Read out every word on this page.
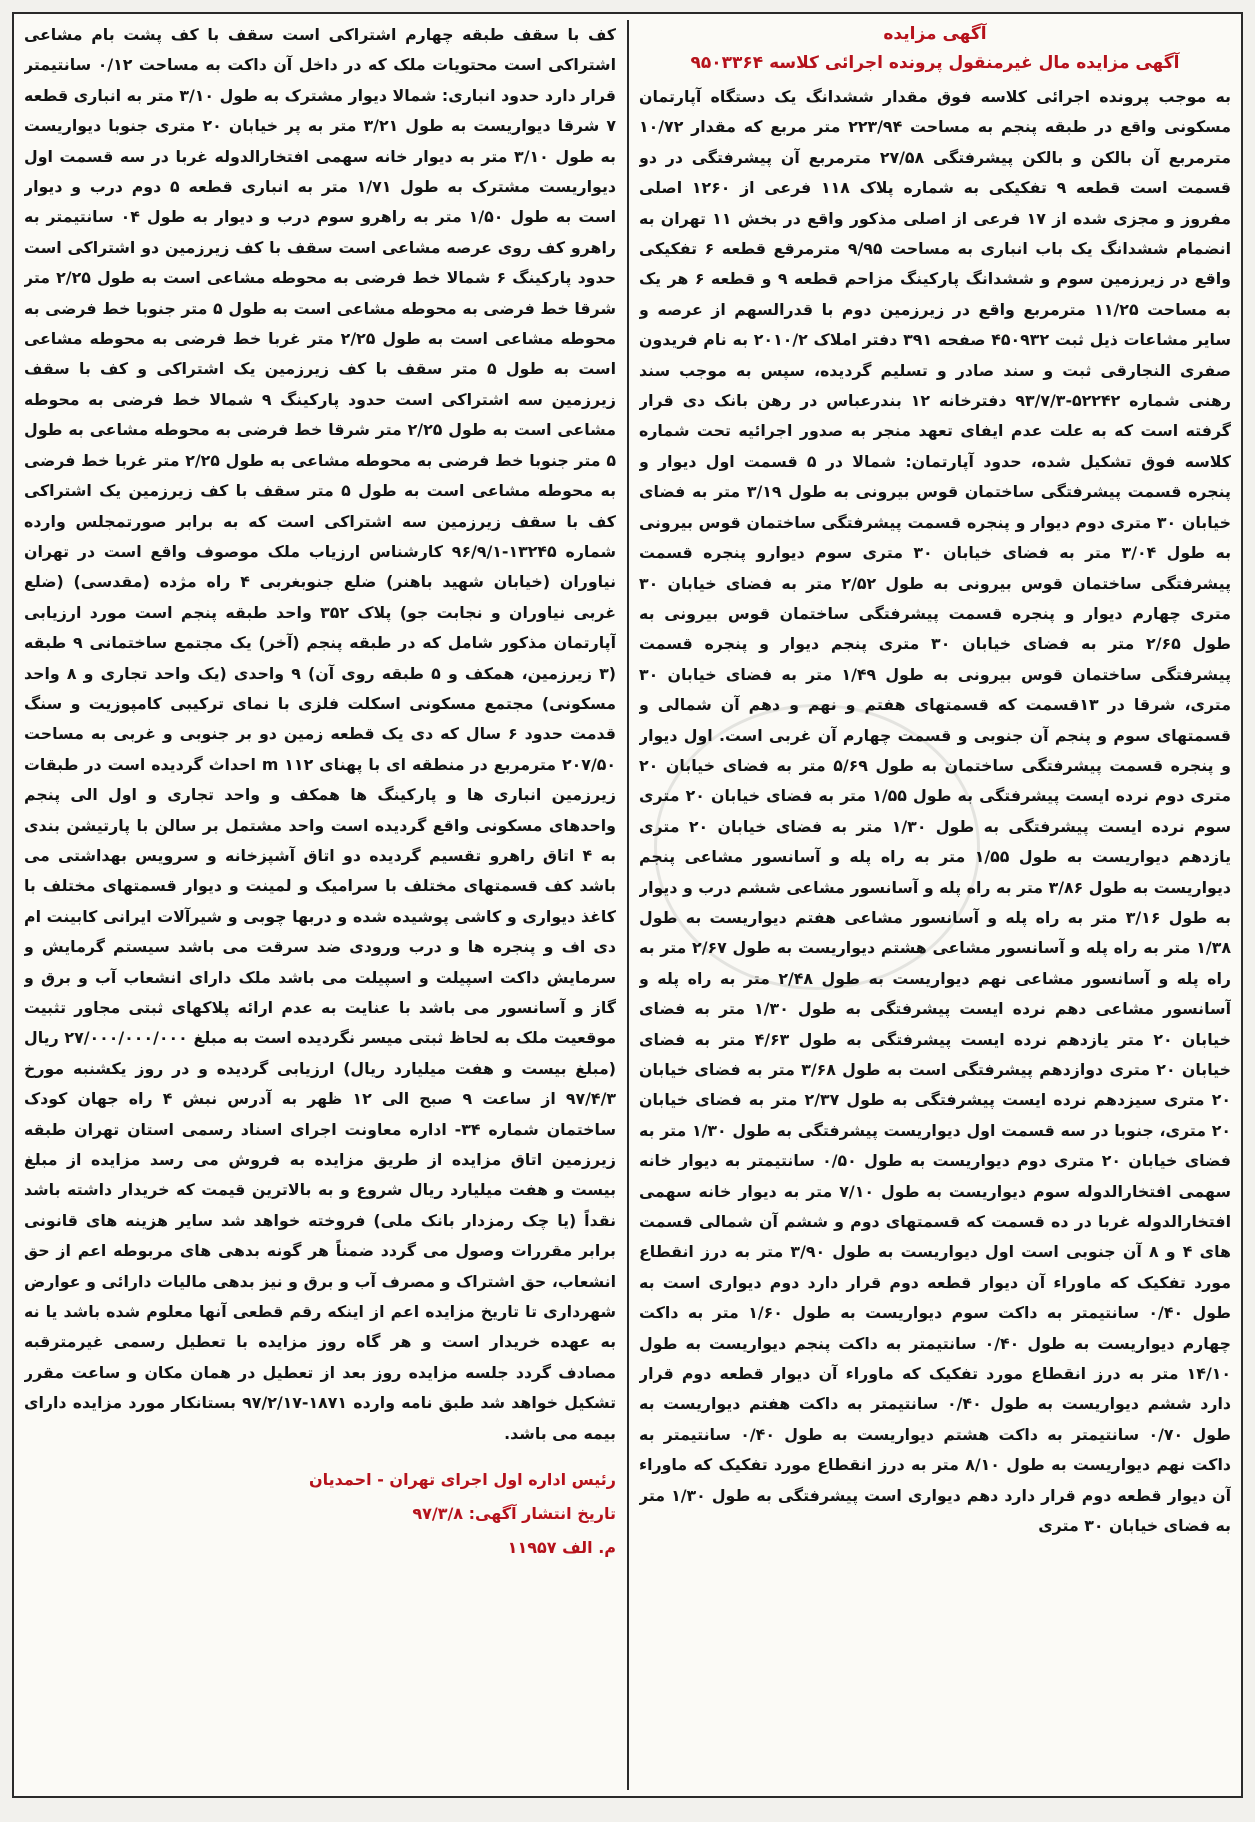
آگهی مزایده
آگهی مزایده مال غیرمنقول پرونده اجرائی کلاسه ۹۵۰۳۳۶۴

به موجب پرونده اجرائی کلاسه فوق مقدار ششدانگ یک دستگاه آپارتمان مسکونی واقع در طبقه پنجم به مساحت ۲۲۳/۹۴ متر مربع که مقدار ۱۰/۷۲ مترمربع آن بالکن و بالکن پیشرفتگی ۲۷/۵۸ مترمربع آن پیشرفتگی در دو قسمت است قطعه ۹ تفکیکی به شماره پلاک ۱۱۸ فرعی از ۱۲۶۰ اصلی مفروز و مجزی شده از ۱۷ فرعی از اصلی مذکور واقع در بخش ۱۱ تهران به انضمام ششدانگ یک باب انباری به مساحت ۹/۹۵ مترمرقع قطعه ۶ تفکیکی واقع در زیرزمین سوم و ششدانگ پارکینگ مزاحم قطعه ۹ و قطعه ۶ هر یک به مساحت ۱۱/۲۵ مترمربع واقع در زیرزمین دوم با قدرالسهم از عرصه و سایر مشاعات ذیل ثبت ۴۵۰۹۳۲ صفحه ۳۹۱ دفتر املاک ۲۰۱۰/۲ به نام فریدون صفری النجارقی ثبت و سند صادر و تسلیم گردیده، سپس به موجب سند رهنی شماره ۵۲۲۴۲-۹۳/۷/۳ دفترخانه ۱۲ بندرعباس در رهن بانک دی قرار گرفته است که به علت عدم ایفای تعهد منجر به صدور اجرائیه تحت شماره کلاسه فوق تشکیل شده، حدود آپارتمان: شمالا در ۵ قسمت اول دیوار و پنجره قسمت پیشرفتگی ساختمان قوس بیرونی به طول ۳/۱۹ متر به فضای خیابان ۳۰ متری دوم دیوار و پنجره قسمت پیشرفتگی ساختمان قوس بیرونی به طول ۳/۰۴ متر به فضای خیابان ۳۰ متری سوم دیوارو پنجره قسمت پیشرفتگی ساختمان قوس بیرونی به طول ۲/۵۲ متر به فضای خیابان ۳۰ متری چهارم دیوار و پنجره قسمت پیشرفتگی ساختمان قوس بیرونی به طول ۲/۶۵ متر به فضای خیابان ۳۰ متری پنجم دیوار و پنجره قسمت پیشرفتگی ساختمان قوس بیرونی به طول ۱/۴۹ متر به فضای خیابان ۳۰ متری، شرقا در ۱۳قسمت که قسمتهای هفتم و نهم و دهم آن شمالی و قسمتهای سوم و پنجم آن جنوبی و قسمت چهارم آن غربی است. اول دیوار و پنجره قسمت پیشرفتگی ساختمان به طول ۵/۶۹ متر به فضای خیابان ۲۰ متری دوم نرده ایست پیشرفتگی به طول ۱/۵۵ متر به فضای خیابان ۲۰ متری سوم نرده ایست پیشرفتگی به طول ۱/۳۰ متر به فضای خیابان ۲۰ متری یازدهم دیواریست به طول ۱/۵۵ متر به راه پله و آسانسور مشاعی پنجم دیواریست به طول ۳/۸۶ متر به راه پله و آسانسور مشاعی ششم درب و دیوار به طول ۳/۱۶ متر به راه پله و آسانسور مشاعی هفتم دیواریست به طول ۱/۳۸ متر به راه پله و آسانسور مشاعی هشتم دیواریست به طول ۲/۶۷ متر به راه پله و آسانسور مشاعی نهم دیواریست به طول ۲/۴۸ متر به راه پله و آسانسور مشاعی دهم نرده ایست پیشرفتگی به طول ۱/۳۰ متر به فضای خیابان ۲۰ متر یازدهم نرده ایست پیشرفتگی به طول ۴/۶۳ متر به فضای خیابان ۲۰ متری دوازدهم پیشرفتگی است به طول ۳/۶۸ متر به فضای خیابان ۲۰ متری سیزدهم نرده ایست پیشرفتگی به طول ۲/۳۷ متر به فضای خیابان ۲۰ متری، جنوبا در سه قسمت اول دیواریست پیشرفتگی به طول ۱/۳۰ متر به فضای خیابان ۲۰ متری دوم دیواریست به طول ۰/۵۰ سانتیمتر به دیوار خانه سهمی افتخارالدوله سوم دیواریست به طول ۷/۱۰ متر به دیوار خانه سهمی افتخارالدوله غربا در ده قسمت که قسمتهای دوم و ششم آن شمالی قسمت های ۴ و ۸ آن جنوبی است اول دیواریست به طول ۳/۹۰ متر به درز انقطاع مورد تفکیک که ماوراء آن دیوار قطعه دوم قرار دارد دوم دیواری است به طول ۰/۴۰ سانتیمتر به داکت سوم دیواریست به طول ۱/۶۰ متر به داکت چهارم دیواریست به طول ۰/۴۰ سانتیمتر به داکت پنجم دیواریست به طول ۱۴/۱۰ متر به درز انقطاع مورد تفکیک که ماوراء آن دیوار قطعه دوم قرار دارد ششم دیواریست به طول ۰/۴۰ سانتیمتر به داکت هفتم دیواریست به طول ۰/۷۰ سانتیمتر به داکت هشتم دیواریست به طول ۰/۴۰ سانتیمتر به داکت نهم دیواریست به طول ۸/۱۰ متر به درز انقطاع مورد تفکیک که ماوراء آن دیوار قطعه دوم قرار دارد دهم دیواری است پیشرفتگی به طول ۱/۳۰ متر به فضای خیابان ۳۰ متری

کف با سقف طبقه چهارم اشتراکی است سقف با کف پشت بام مشاعی اشتراکی است محتویات ملک که در داخل آن داکت به مساحت ۰/۱۲ سانتیمتر قرار دارد حدود انباری: شمالا دیوار مشترک به طول ۳/۱۰ متر به انباری قطعه ۷ شرقا دیواریست به طول ۳/۲۱ متر به پر خیابان ۲۰ متری جنوبا دیواریست به طول ۳/۱۰ متر به دیوار خانه سهمی افتخارالدوله غربا در سه قسمت اول دیواریست مشترک به طول ۱/۷۱ متر به انباری قطعه ۵ دوم درب و دیوار است به طول ۱/۵۰ متر به راهرو سوم درب و دیوار به طول ۰۴ سانتیمتر به راهرو کف روی عرصه مشاعی است سقف با کف زیرزمین دو اشتراکی است حدود پارکینگ ۶ شمالا خط فرضی به محوطه مشاعی است به طول ۲/۲۵ متر شرقا خط فرضی به محوطه مشاعی است به طول ۵ متر جنوبا خط فرضی به محوطه مشاعی است به طول ۲/۲۵ متر غربا خط فرضی به محوطه مشاعی است به طول ۵ متر سقف با کف زیرزمین یک اشتراکی و کف با سقف زیرزمین سه اشتراکی است حدود پارکینگ ۹ شمالا خط فرضی به محوطه مشاعی است به طول ۲/۲۵ متر شرقا خط فرضی به محوطه مشاعی به طول ۵ متر جنوبا خط فرضی به محوطه مشاعی به طول ۲/۲۵ متر غربا خط فرضی به محوطه مشاعی است به طول ۵ متر سقف با کف زیرزمین یک اشتراکی کف با سقف زیرزمین سه اشتراکی است که به برابر صورتمجلس وارده شماره ۱۳۲۴۵-۹۶/۹/۱ کارشناس ارزیاب ملک موصوف واقع است در تهران نیاوران (خیابان شهید باهنر) ضلع جنوبغربی ۴ راه مژده (مقدسی) (ضلع غربی نیاوران و نجابت جو) پلاک ۳۵۲ واحد طبقه پنجم است مورد ارزیابی آپارتمان مذکور شامل که در طبقه پنجم (آخر) یک مجتمع ساختمانی ۹ طبقه (۳ زیرزمین، همکف و ۵ طبقه روی آن) ۹ واحدی (یک واحد تجاری و ۸ واحد مسکونی) مجتمع مسکونی اسکلت فلزی با نمای ترکیبی کامپوزیت و سنگ قدمت حدود ۶ سال که دی یک قطعه زمین دو بر جنوبی و غربی به مساحت ۲۰۷/۵۰ مترمربع در منطقه ای با پهنای ۱۱۲ m احداث گردیده است در طبقات زیرزمین انباری ها و پارکینگ ها همکف و واحد تجاری و اول الی پنجم واحدهای مسکونی واقع گردیده است واحد مشتمل بر سالن با پارتیشن بندی به ۴ اتاق راهرو تقسیم گردیده دو اتاق آشپزخانه و سرویس بهداشتی می باشد کف قسمتهای مختلف با سرامیک و لمینت و دیوار قسمتهای مختلف با کاغذ دیواری و کاشی پوشیده شده و دربها چوبی و شیرآلات ایرانی کابینت ام دی اف و پنجره ها و درب ورودی ضد سرقت می باشد سیستم گرمایش و سرمایش داکت اسپیلت و اسپیلت می باشد ملک دارای انشعاب آب و برق و گاز و آسانسور می باشد با عنایت به عدم ارائه پلاکهای ثبتی مجاور تثبیت موقعیت ملک به لحاظ ثبتی میسر نگردیده است به مبلغ ۲۷/۰۰۰/۰۰۰/۰۰۰ ریال (مبلغ بیست و هفت میلیارد ریال) ارزیابی گردیده و در روز یکشنبه مورخ ۹۷/۴/۳ از ساعت ۹ صبح الی ۱۲ ظهر به آدرس نبش ۴ راه جهان کودک ساختمان شماره ۳۴- اداره معاونت اجرای اسناد رسمی استان تهران طبقه زیرزمین اتاق مزایده از طریق مزایده به فروش می رسد مزایده از مبلغ بیست و هفت میلیارد ریال شروع و به بالاترین قیمت که خریدار داشته باشد نقداً (یا چک رمزدار بانک ملی) فروخته خواهد شد سایر هزینه های قانونی برابر مقررات وصول می گردد ضمناً هر گونه بدهی های مربوطه اعم از حق انشعاب، حق اشتراک و مصرف آب و برق و نیز بدهی مالیات دارائی و عوارض شهرداری تا تاریخ مزایده اعم از اینکه رقم قطعی آنها معلوم شده باشد یا نه به عهده خریدار است و هر گاه روز مزایده با تعطیل رسمی غیرمترقبه مصادف گردد جلسه مزایده روز بعد از تعطیل در همان مکان و ساعت مقرر تشکیل خواهد شد طبق نامه وارده ۱۸۷۱-۹۷/۲/۱۷ بستانکار مورد مزایده دارای بیمه می باشد.

رئیس اداره اول اجرای تهران - احمدیان
تاریخ انتشار آگهی: ۹۷/۳/۸
م. الف ۱۱۹۵۷
